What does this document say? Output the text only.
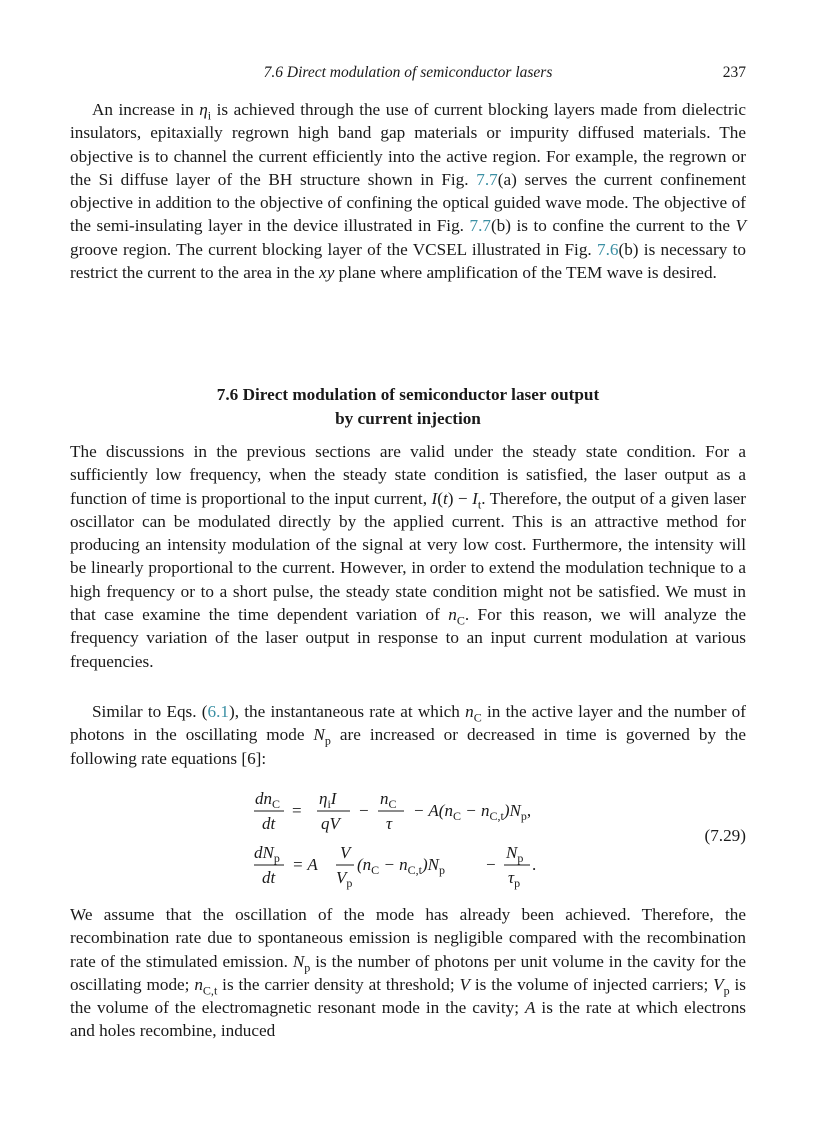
7.6 Direct modulation of semiconductor lasers	237

An increase in $\eta_i$ is achieved through the use of current blocking layers made from dielectric insulators, epitaxially regrown high band gap materials or impurity diffused materials. The objective is to channel the current efficiently into the active region. For example, the regrown or the Si diffuse layer of the BH structure shown in Fig. 7.7(a) serves the current confinement objective in addition to the objective of confining the optical guided wave mode. The objective of the semi-insulating layer in the device illustrated in Fig. 7.7(b) is to confine the current to the V groove region. The current blocking layer of the VCSEL illustrated in Fig. 7.6(b) is necessary to restrict the current to the area in the xy plane where amplification of the TEM wave is desired.

7.6 Direct modulation of semiconductor laser output
by current injection

The discussions in the previous sections are valid under the steady state condition. For a sufficiently low frequency, when the steady state condition is satisfied, the laser output as a function of time is proportional to the input current, $I(t) - I_t$. Therefore, the output of a given laser oscillator can be modulated directly by the applied current. This is an attractive method for producing an intensity modulation of the signal at very low cost. Furthermore, the intensity will be linearly proportional to the current. However, in order to extend the modulation technique to a high frequency or to a short pulse, the steady state condition might not be satisfied. We must in that case examine the time dependent variation of $n_C$. For this reason, we will analyze the frequency variation of the laser output in response to an input current modulation at various frequencies.

Similar to Eqs. (6.1), the instantaneous rate at which $n_C$ in the active layer and the number of photons in the oscillating mode $N_p$ are increased or decreased in time is governed by the following rate equations [6]:

$dn_C$
dt
=
$\eta_iI$
qV
−
$n_C$
τ
− $A(n_C - n_{C,t})N_p$,
$dN_p$
dt
= A
V
$V_p$
$(n_C - n_{C,t})N_p$ −
$N_p$
$\tau_p$
.
(7.29)

We assume that the oscillation of the mode has already been achieved. Therefore, the recombination rate due to spontaneous emission is negligible compared with the recombination rate of the stimulated emission. $N_p$ is the number of photons per unit volume in the cavity for the oscillating mode; $n_{C,t}$ is the carrier density at threshold; V is the volume of injected carriers; $V_p$ is the volume of the electromagnetic resonant mode in the cavity; A is the rate at which electrons and holes recombine, induced
